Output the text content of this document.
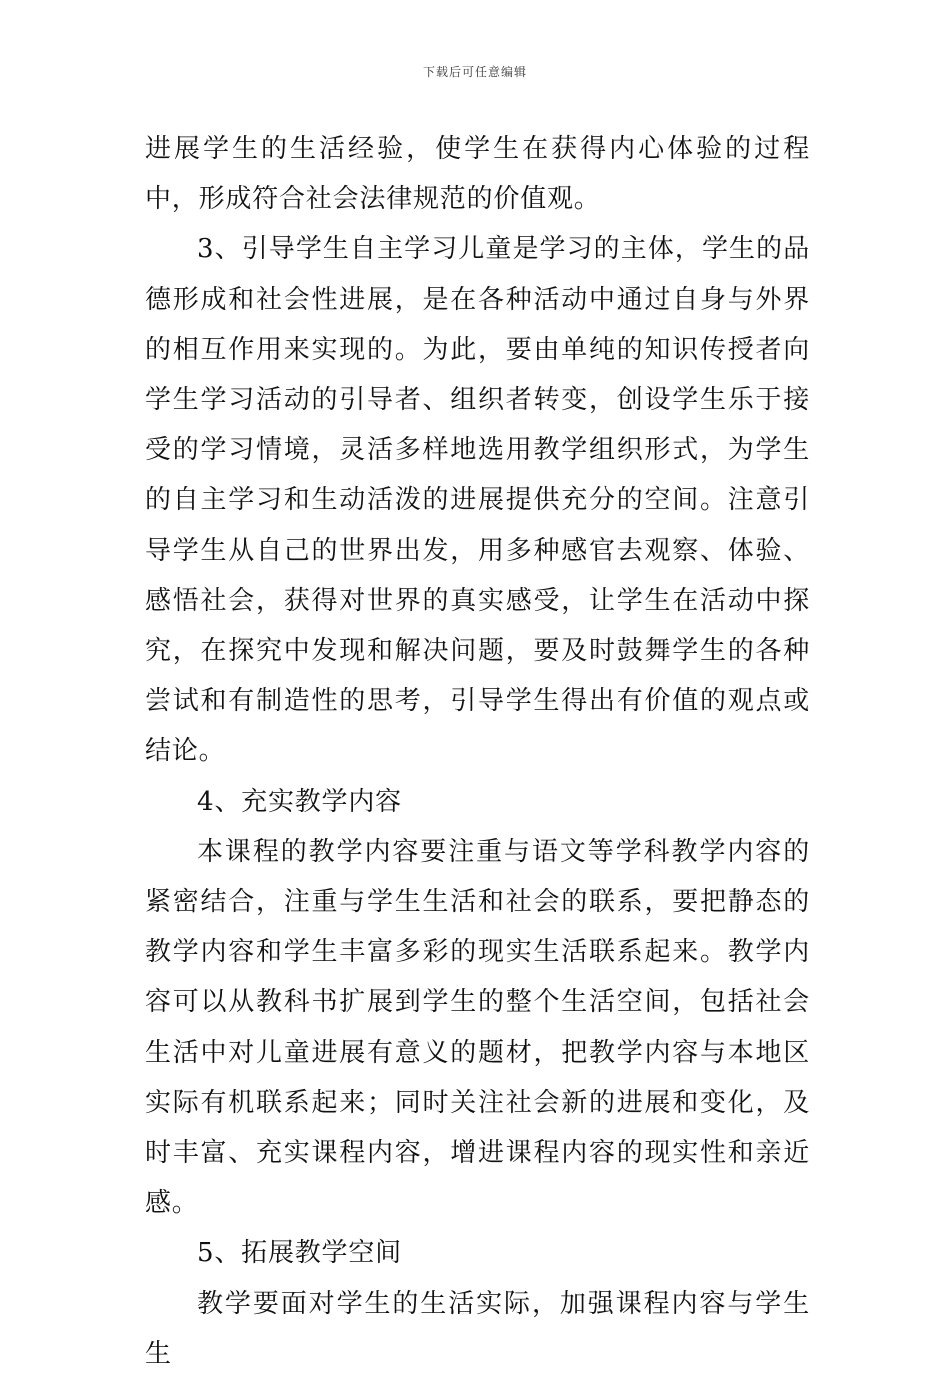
下载后可任意编辑

进展学生的生活经验，使学生在获得内心体验的过程中，形成符合社会法律规范的价值观。

3、引导学生自主学习儿童是学习的主体，学生的品德形成和社会性进展，是在各种活动中通过自身与外界的相互作用来实现的。为此，要由单纯的知识传授者向学生学习活动的引导者、组织者转变，创设学生乐于接受的学习情境，灵活多样地选用教学组织形式，为学生的自主学习和生动活泼的进展提供充分的空间。注意引导学生从自己的世界出发，用多种感官去观察、体验、感悟社会，获得对世界的真实感受，让学生在活动中探究，在探究中发现和解决问题，要及时鼓舞学生的各种尝试和有制造性的思考，引导学生得出有价值的观点或结论。

4、充实教学内容

本课程的教学内容要注重与语文等学科教学内容的紧密结合，注重与学生生活和社会的联系，要把静态的教学内容和学生丰富多彩的现实生活联系起来。教学内容可以从教科书扩展到学生的整个生活空间，包括社会生活中对儿童进展有意义的题材，把教学内容与本地区实际有机联系起来；同时关注社会新的进展和变化，及时丰富、充实课程内容，增进课程内容的现实性和亲近感。

5、拓展教学空间

教学要面对学生的生活实际，加强课程内容与学生生
